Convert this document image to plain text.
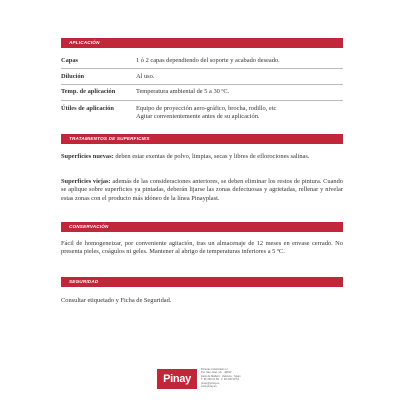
APLICACIÓN
Capas	1 ó 2 capas dependiendo del soporte y acabado deseado.
Dilución	Al uso.
Temp. de aplicación	Temperatura ambiental de 5 a 30 ºC.
Útiles de aplicación	Equipo de proyección aero-gráfico, brocha, rodillo, etc
Agitar convenientemente antes de su aplicación.
TRATAMIENTOS DE SUPERFICIES

Superficies nuevas: deben estar exentas de polvo, limpias, secas y libres de eflorociones salinas.

Superficies viejas: además de las consideraciones anteriores, se deben eliminar los restos de pintura. Cuando se aplique sobre superficies ya pintadas, deberán lijarse las zonas defectuosas y agrietadas, rellenar y nivelar estas zonas con el producto más idóneo de la línea Pinayplast.

CONSERVACIÓN

Fácil de homogeneizar, por conveniente agitación, tras un almacenaje de 12 meses en envase cerrado. No presenta pieles, coágulos ni geles. Mantener al abrigo de temperaturas inferiores a 5 ºC.

SEGURIDAD

Consultar etiquetado y Ficha de Seguridad.

Pinay
Pinturas Industriales s.l.
Pol. San José, s/n · 46812
Aielo de Malferit · Valencia · Spain
T. 96 236 01 50 · F. 96 236 00 51
pinay@pinay.es
www.pinay.es
